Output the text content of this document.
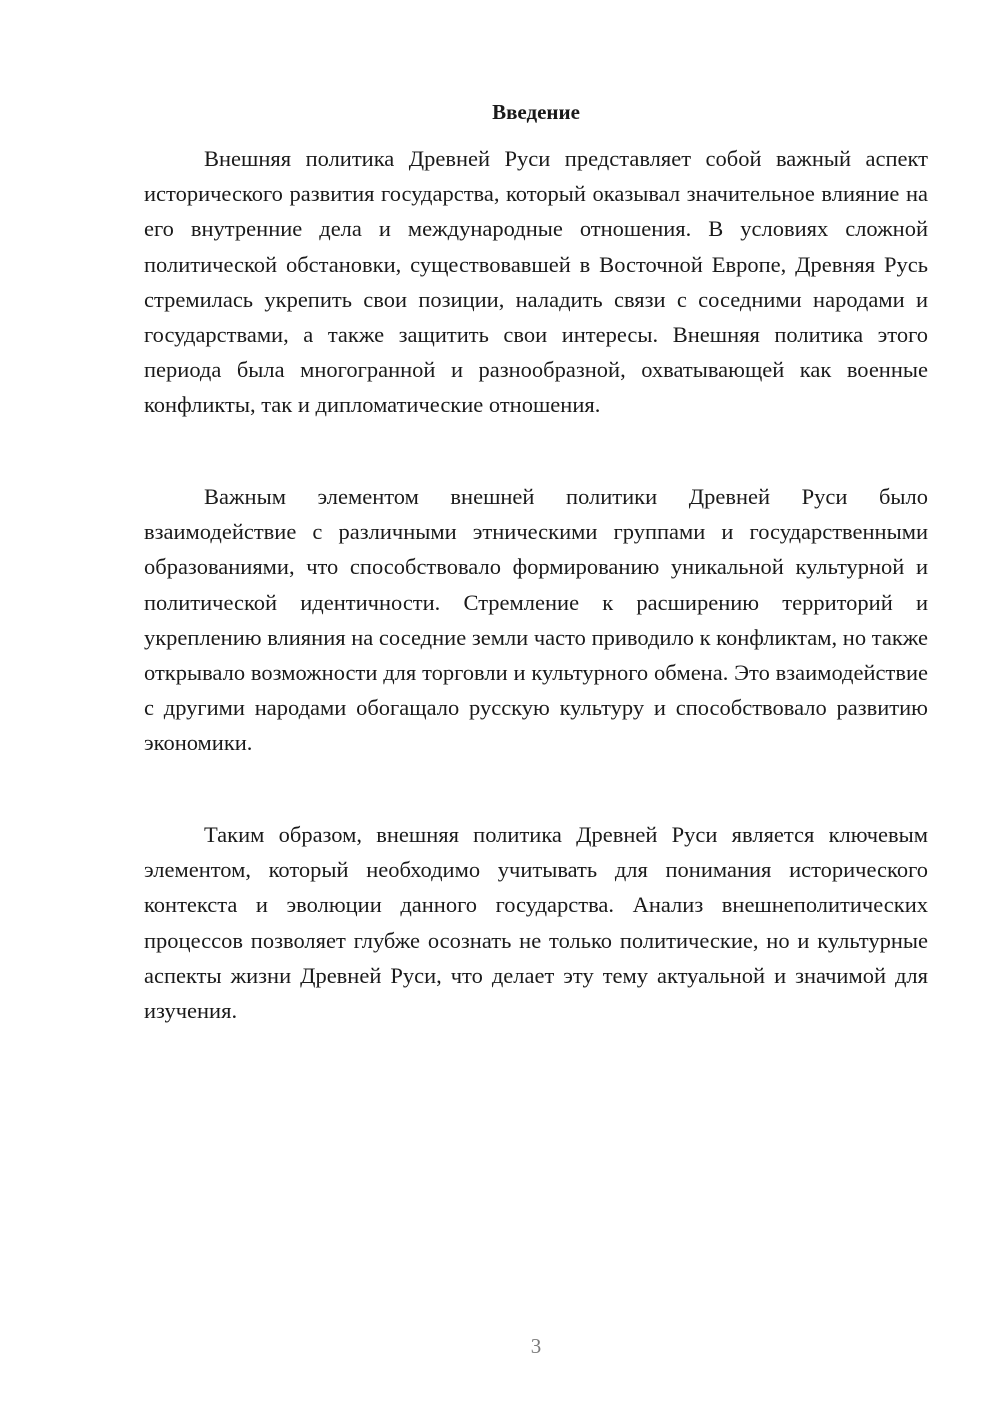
Введение

Внешняя политика Древней Руси представляет собой важный аспект исторического развития государства, который оказывал значительное влияние на его внутренние дела и международные отношения. В условиях сложной политической обстановки, существовавшей в Восточной Европе, Древняя Русь стремилась укрепить свои позиции, наладить связи с соседними народами и государствами, а также защитить свои интересы. Внешняя политика этого периода была многогранной и разнообразной, охватывающей как военные конфликты, так и дипломатические отношения.

Важным элементом внешней политики Древней Руси было взаимодействие с различными этническими группами и государственными образованиями, что способствовало формированию уникальной культурной и политической идентичности. Стремление к расширению территорий и укреплению влияния на соседние земли часто приводило к конфликтам, но также открывало возможности для торговли и культурного обмена. Это взаимодействие с другими народами обогащало русскую культуру и способствовало развитию экономики.

Таким образом, внешняя политика Древней Руси является ключевым элементом, который необходимо учитывать для понимания исторического контекста и эволюции данного государства. Анализ внешнеполитических процессов позволяет глубже осознать не только политические, но и культурные аспекты жизни Древней Руси, что делает эту тему актуальной и значимой для изучения.

3
